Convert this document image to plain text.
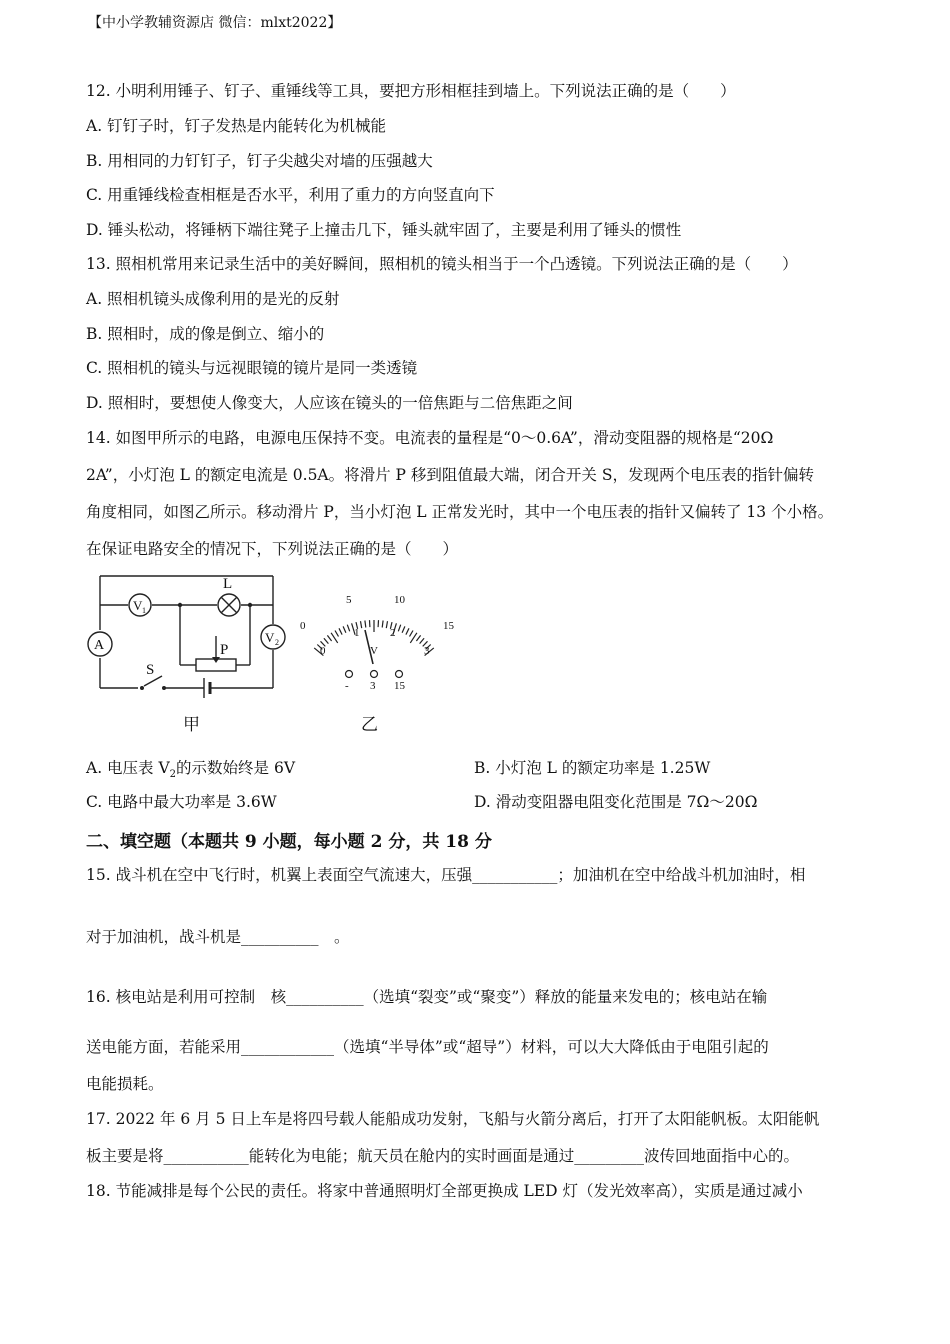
【中小学教辅资源店 微信：mlxt2022】
12. 小明利用锤子、钉子、重锤线等工具，要把方形相框挂到墙上。下列说法正确的是（　　）
A. 钉钉子时，钉子发热是内能转化为机械能
B. 用相同的力钉钉子，钉子尖越尖对墙的压强越大
C. 用重锤线检查相框是否水平，利用了重力的方向竖直向下
D. 锤头松动，将锤柄下端往凳子上撞击几下，锤头就牢固了，主要是利用了锤头的惯性
13. 照相机常用来记录生活中的美好瞬间，照相机的镜头相当于一个凸透镜。下列说法正确的是（　　）
A. 照相机镜头成像利用的是光的反射
B. 照相时，成的像是倒立、缩小的
C. 照相机的镜头与远视眼镜的镜片是同一类透镜
D. 照相时，要想使人像变大，人应该在镜头的一倍焦距与二倍焦距之间
14. 如图甲所示的电路，电源电压保持不变。电流表的量程是“0～0.6A”，滑动变阻器的规格是“20Ω
2A”，小灯泡 L 的额定电流是 0.5A。将滑片 P 移到阻值最大端，闭合开关 S，发现两个电压表的指针偏转
角度相同，如图乙所示。移动滑片 P，当小灯泡 L 正常发光时，其中一个电压表的指针又偏转了 13 个小格。
在保证电路安全的情况下，下列说法正确的是（　　）
L
V 1
A
V 2
S
P
0
5	10
15
0
1	2
3
V
- 3 15
甲	乙
A. 电压表 $V_2$的示数始终是 6V	B. 小灯泡 L 的额定功率是 1.25W
C. 电路中最大功率是 3.6W	D. 滑动变阻器电阻变化范围是 7Ω～20Ω
二、填空题（本题共 9 小题，每小题 2 分，共 18 分
15. 战斗机在空中飞行时，机翼上表面空气流速大，压强___________；加油机在空中给战斗机加油时，相
对于加油机，战斗机是__________　。
16. 核电站是利用可控制　核__________（选填“裂变”或“聚变”）释放的能量来发电的；核电站在输
送电能方面，若能采用____________（选填“半导体”或“超导”）材料，可以大大降低由于电阻引起的
电能损耗。
17. 2022 年 6 月 5 日上车是将四号载人能船成功发射，飞船与火箭分离后，打开了太阳能帆板。太阳能帆
板主要是将___________能转化为电能；航天员在舱内的实时画面是通过_________波传回地面指中心的。
18. 节能减排是每个公民的责任。将家中普通照明灯全部更换成 LED 灯（发光效率高），实质是通过减小
